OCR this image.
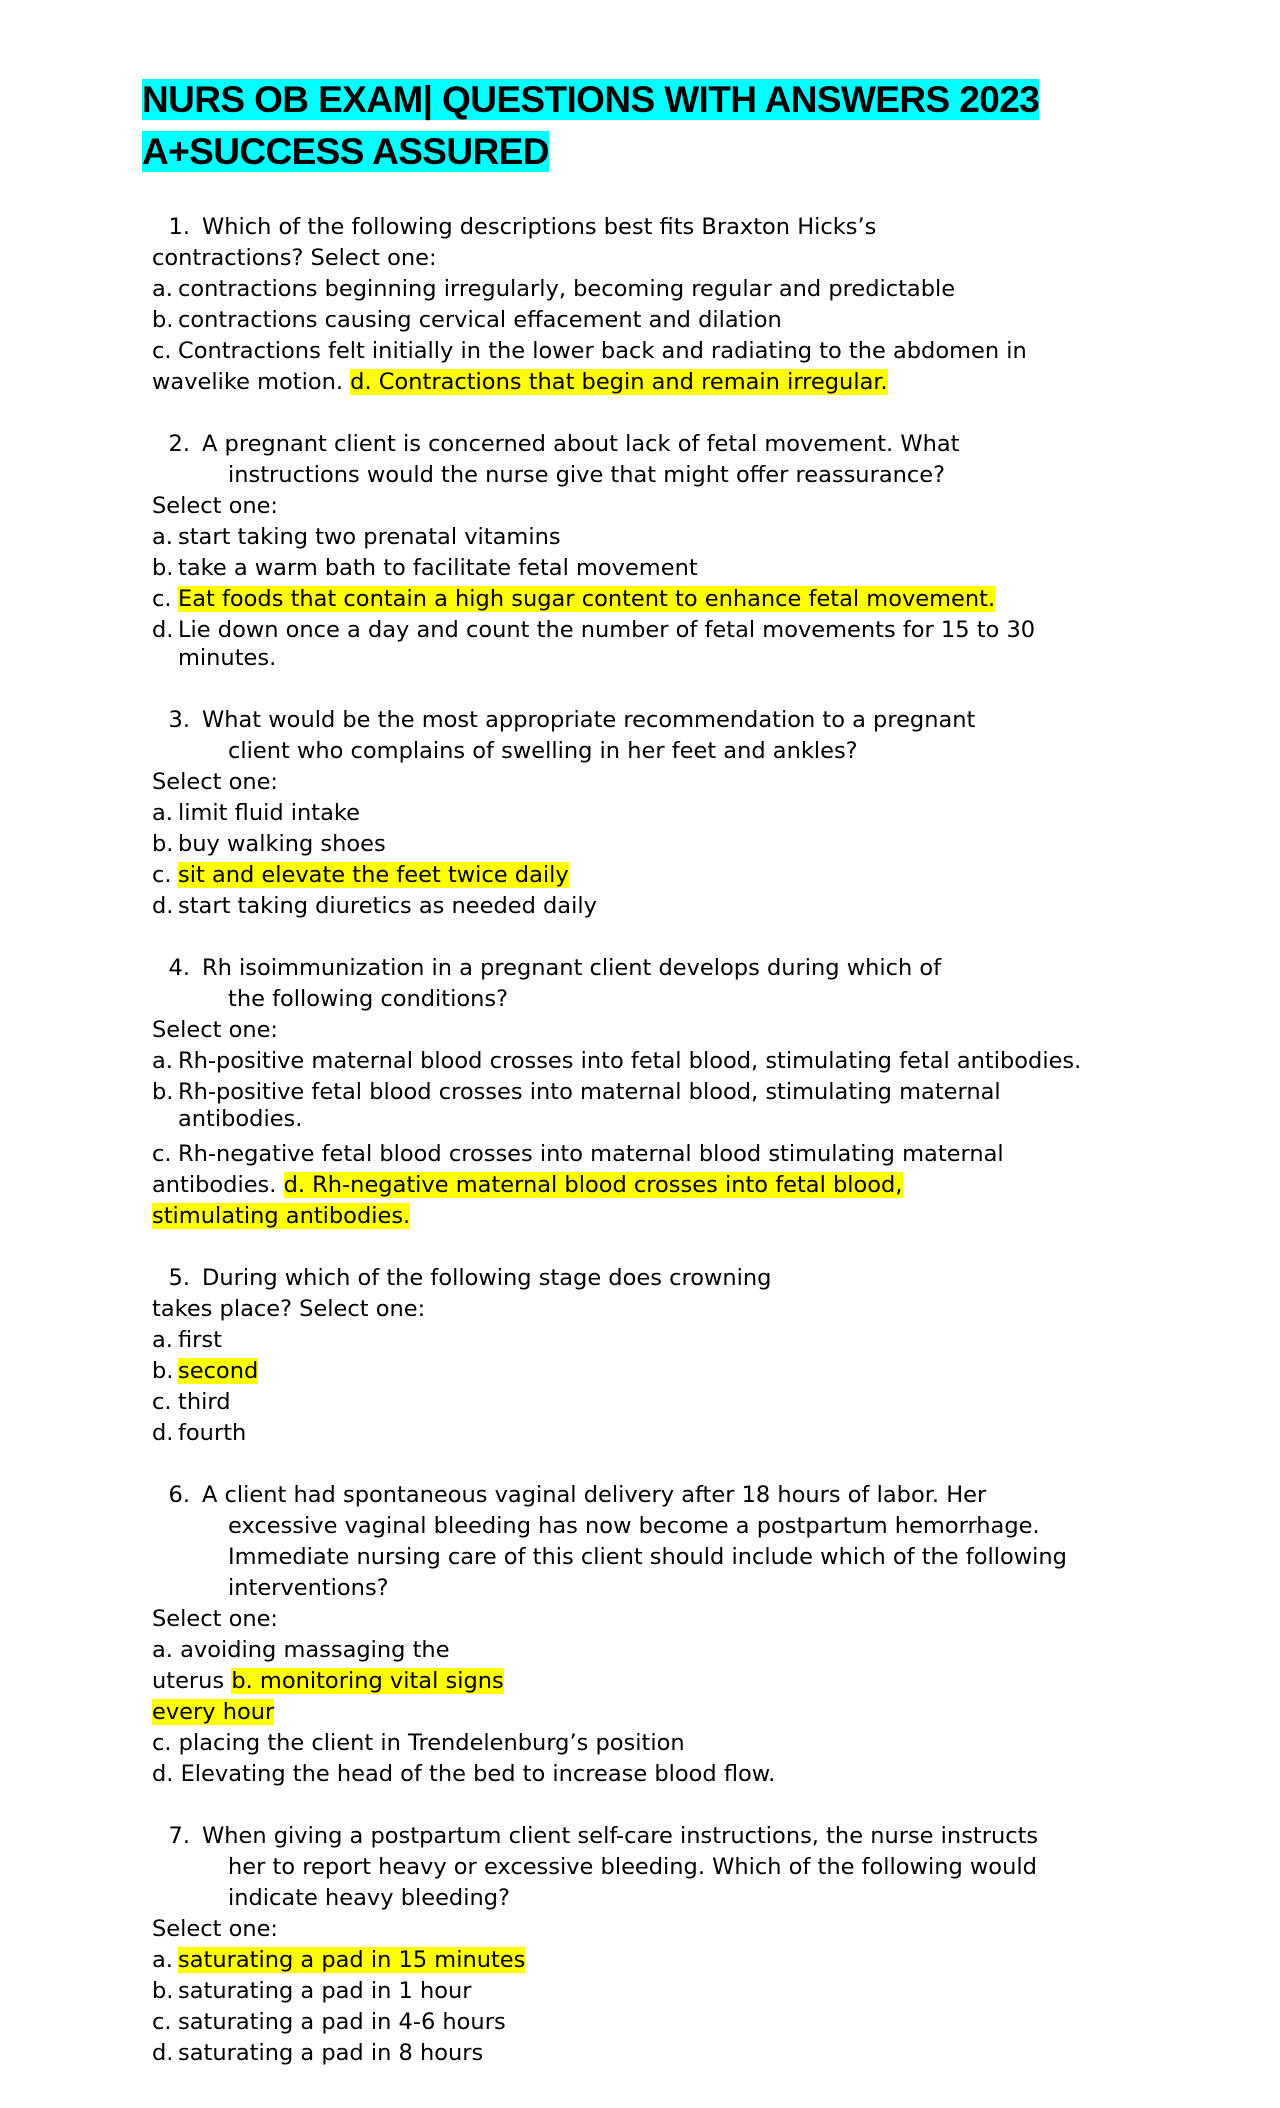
NURS OB EXAM| QUESTIONS WITH ANSWERS 2023
A+SUCCESS ASSURED
1. Which of the following descriptions best fits Braxton Hicks’s
contractions? Select one:
a. contractions beginning irregularly, becoming regular and predictable
b. contractions causing cervical effacement and dilation
c. Contractions felt initially in the lower back and radiating to the abdomen in
wavelike motion. d. Contractions that begin and remain irregular.
2. A pregnant client is concerned about lack of fetal movement. What
instructions would the nurse give that might offer reassurance?
Select one:
a. start taking two prenatal vitamins
b. take a warm bath to facilitate fetal movement
c. Eat foods that contain a high sugar content to enhance fetal movement.
d. Lie down once a day and count the number of fetal movements for 15 to 30
minutes.
3. What would be the most appropriate recommendation to a pregnant
client who complains of swelling in her feet and ankles?
Select one:
a. limit fluid intake
b. buy walking shoes
c. sit and elevate the feet twice daily
d. start taking diuretics as needed daily
4. Rh isoimmunization in a pregnant client develops during which of
the following conditions?
Select one:
a. Rh-positive maternal blood crosses into fetal blood, stimulating fetal antibodies.
b. Rh-positive fetal blood crosses into maternal blood, stimulating maternal
antibodies.
c. Rh-negative fetal blood crosses into maternal blood stimulating maternal
antibodies. d. Rh-negative maternal blood crosses into fetal blood,
stimulating antibodies.
5. During which of the following stage does crowning
takes place? Select one:
a. first
b. second
c. third
d. fourth
6. A client had spontaneous vaginal delivery after 18 hours of labor. Her
excessive vaginal bleeding has now become a postpartum hemorrhage.
Immediate nursing care of this client should include which of the following
interventions?
Select one:
a. avoiding massaging the
uterus b. monitoring vital signs
every hour
c. placing the client in Trendelenburg’s position
d. Elevating the head of the bed to increase blood flow.
7. When giving a postpartum client self-care instructions, the nurse instructs
her to report heavy or excessive bleeding. Which of the following would
indicate heavy bleeding?
Select one:
a. saturating a pad in 15 minutes
b. saturating a pad in 1 hour
c. saturating a pad in 4-6 hours
d. saturating a pad in 8 hours
